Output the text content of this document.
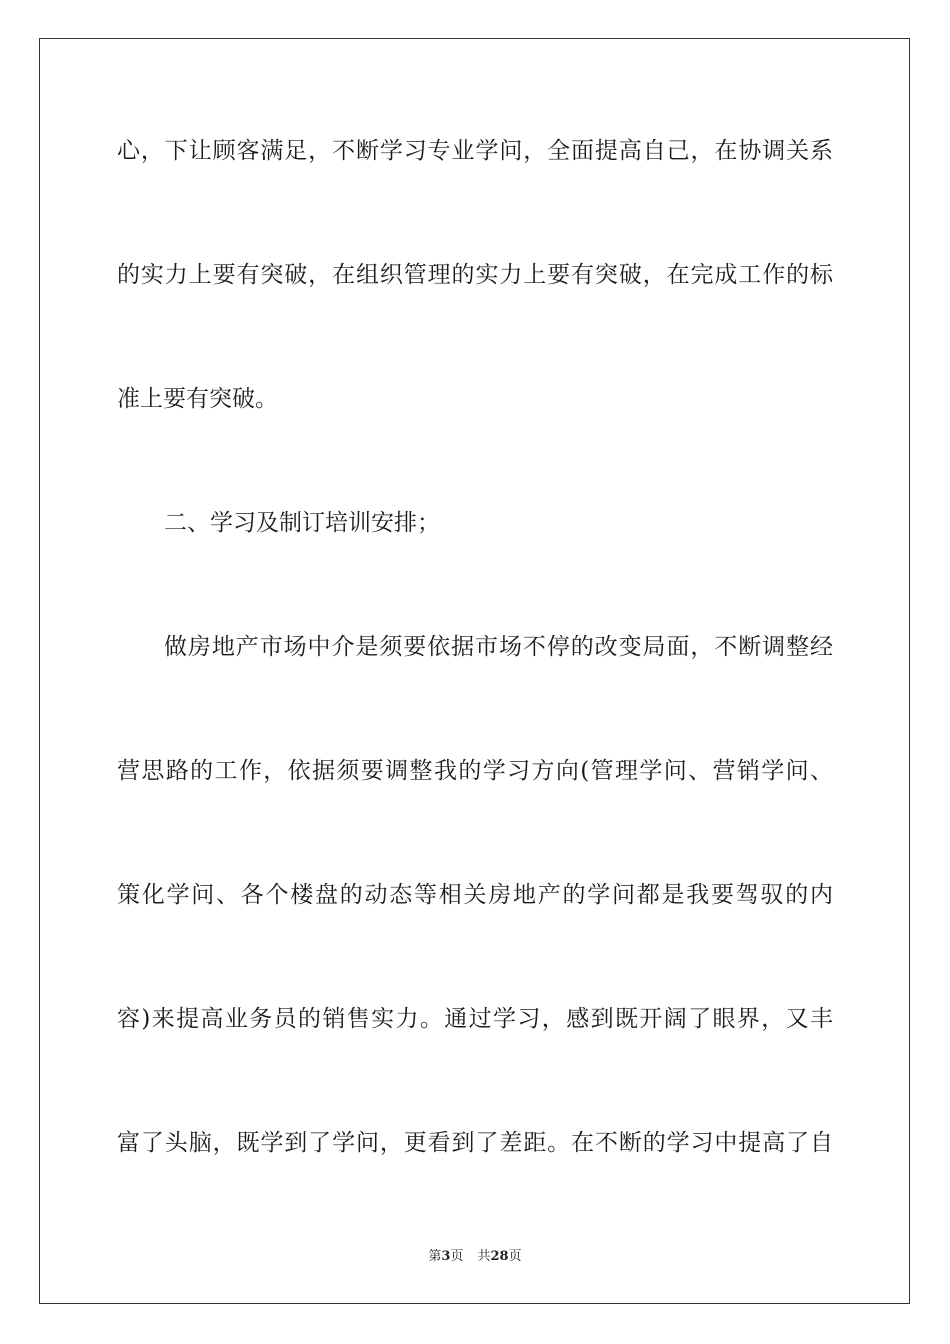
心，下让顾客满足，不断学习专业学问，全面提高自己，在协调关系
的实力上要有突破，在组织管理的实力上要有突破，在完成工作的标
准上要有突破。
二、学习及制订培训安排；
做房地产市场中介是须要依据市场不停的改变局面，不断调整经
营思路的工作，依据须要调整我的学习方向(管理学问、营销学问、
策化学问、各个楼盘的动态等相关房地产的学问都是我要驾驭的内
容)来提高业务员的销售实力。通过学习，感到既开阔了眼界，又丰
富了头脑，既学到了学问，更看到了差距。在不断的学习中提高了自
第3页 共28页
